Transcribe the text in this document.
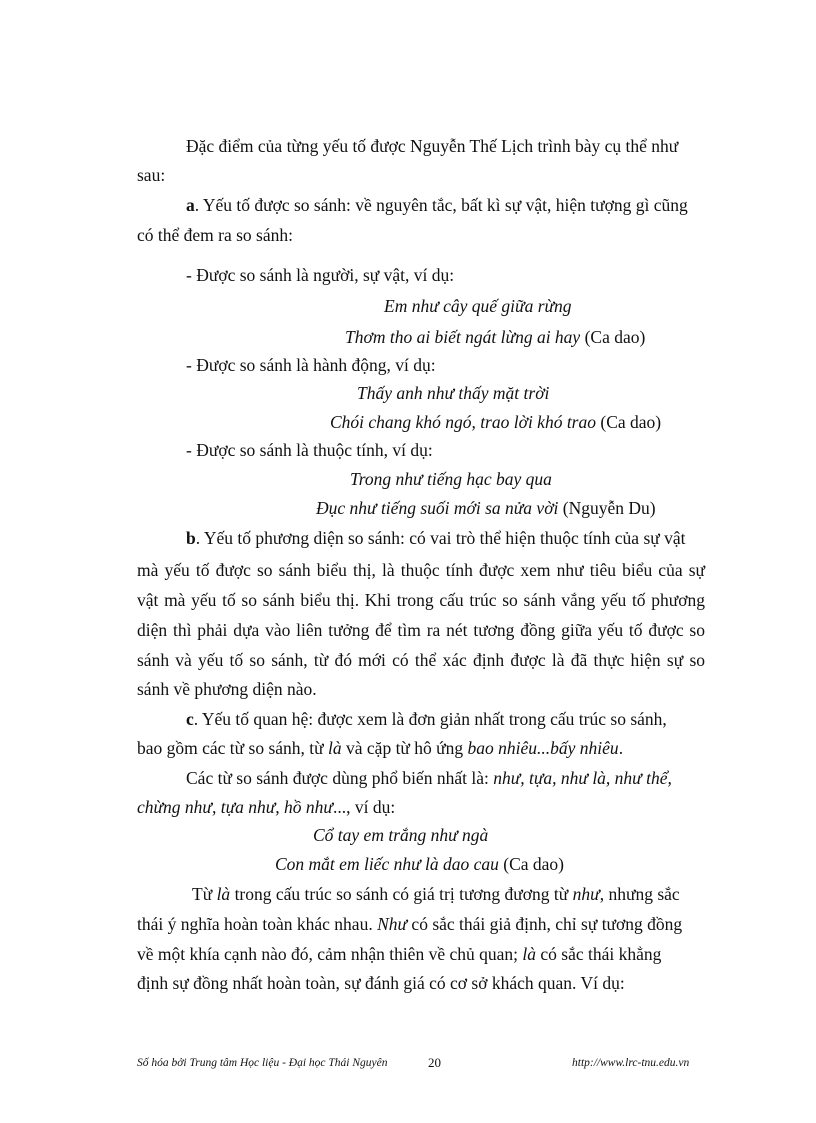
Đặc điểm của từng yếu tố được Nguyễn Thế Lịch trình bày cụ thể như
sau:
a. Yếu tố được so sánh: về nguyên tắc, bất kì sự vật, hiện tượng gì cũng
có thể đem ra so sánh:
- Được so sánh là người, sự vật, ví dụ:
Em như cây quế giữa rừng
Thơm tho ai biết ngát lừng ai hay (Ca dao)
- Được so sánh là hành động, ví dụ:
Thấy anh như thấy mặt trời
Chói chang khó ngó, trao lời khó trao (Ca dao)
- Được so sánh là thuộc tính, ví dụ:
Trong như tiếng hạc bay qua
Đục như tiếng suối mới sa nửa vời (Nguyễn Du)
b. Yếu tố phương diện so sánh: có vai trò thể hiện thuộc tính của sự vật
mà yếu tố được so sánh biểu thị, là thuộc tính được xem như tiêu biểu của sự
vật mà yếu tố so sánh biểu thị. Khi trong cấu trúc so sánh vắng yếu tố phương
diện thì phải dựa vào liên tưởng để tìm ra nét tương đồng giữa yếu tố được so
sánh và yếu tố so sánh, từ đó mới có thể xác định được là đã thực hiện sự so
sánh về phương diện nào.
c. Yếu tố quan hệ: được xem là đơn giản nhất trong cấu trúc so sánh,
bao gồm các từ so sánh, từ là và cặp từ hô ứng bao nhiêu...bấy nhiêu.
Các từ so sánh được dùng phổ biến nhất là: như, tựa, như là, như thể,
chừng như, tựa như, hồ như..., ví dụ:
Cổ tay em trắng như ngà
Con mắt em liếc như là dao cau (Ca dao)
Từ là trong cấu trúc so sánh có giá trị tương đương từ như, nhưng sắc
thái ý nghĩa hoàn toàn khác nhau. Như có sắc thái giả định, chỉ sự tương đồng
về một khía cạnh nào đó, cảm nhận thiên về chủ quan; là có sắc thái khẳng
định sự đồng nhất hoàn toàn, sự đánh giá có cơ sở khách quan. Ví dụ:
Số hóa bởi Trung tâm Học liệu - Đại học Thái Nguyên	20	http://www.lrc-tnu.edu.vn
